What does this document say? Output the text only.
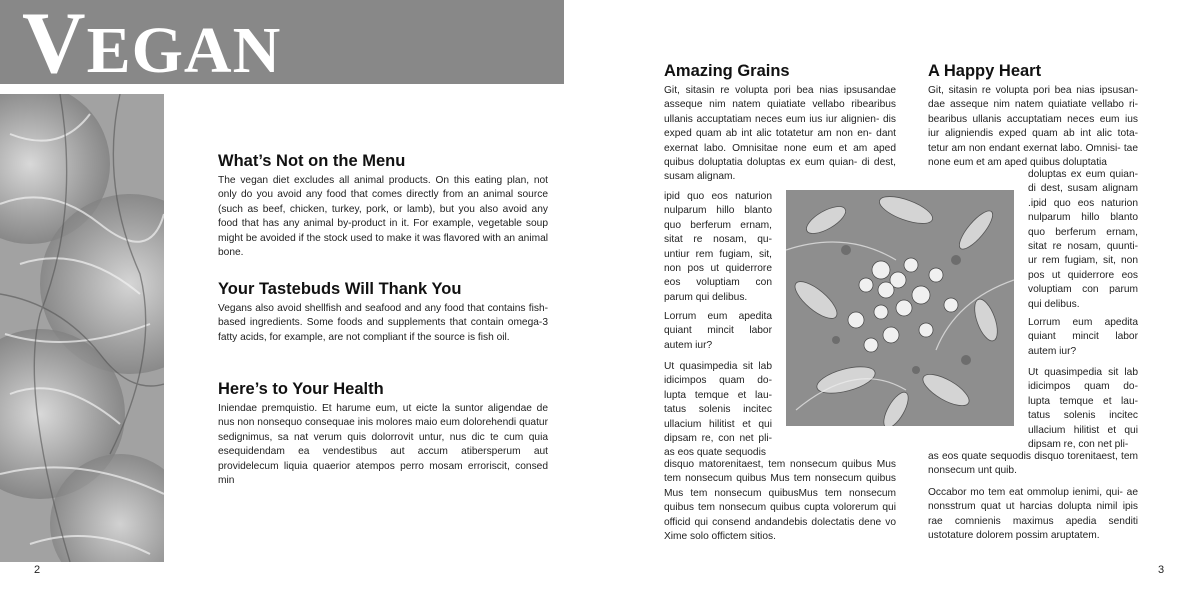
VEGAN
What’s Not on the Menu

The vegan diet excludes all animal products. On this eating plan, not only do you avoid any food that comes directly from an animal source (such as beef, chicken, turkey, pork, or lamb), but you also avoid any food that has any animal by-product in it. For example, vegetable soup might be avoided if the stock used to make it was flavored with an animal bone.

Your Tastebuds Will Thank You

Vegans also avoid shellfish and seafood and any food that contains fish-based ingredients. Some foods and supplements that contain omega-3 fatty acids, for example, are not compliant if the source is fish oil.

Here’s to Your Health

Iniendae premquistio. Et harume eum, ut eicte la suntor aligendae de nus non nonsequo consequae inis molores maio eum dolorehendi quatur sedignimus, sa nat verum quis dolorrovit untur, nus dic te cum quia esequidendam ea vendestibus aut accum atibersperum aut providelecum liquia quaerior atempos perro mosam erroriscit, consed min

2
Amazing Grains

Git, sitasin re volupta pori bea nias ipsusandae asseque nim natem quiatiate vellabo ribearibus ullanis accuptatiam neces eum ius iur alignien- dis exped quam ab int alic totatetur am non en- dant exernat labo. Omnisitae none eum et am aped quibus doluptatia doluptas ex eum quian- di dest, susam alignam.

ipid quo eos naturion nulparum hillo blanto quo berferum ernam, sitat re nosam, qu- untiur rem fugiam, sit, non pos ut quiderrore eos voluptiam con parum qui delibus.

Lorrum eum apedita quiant mincit labor autem iur?

Ut quasimpedia sit lab idicimpos quam do- lupta temque et lau- tatus solenis incitec ullacium hilitist et qui dipsam re, con net pli- as eos quate sequodis

disquo matorenitaest, tem nonsecum quibus Mus tem nonsecum quibus Mus tem nonsecum quibus Mus tem nonsecum quibusMus tem nonsecum quibus tem nonsecum quibus cupta volorerum qui officid qui consend andandebis dolectatis dene vo Xime solo offictem sitios.

A Happy Heart

Git, sitasin re volupta pori bea nias ipsusan- dae asseque nim natem quiatiate vellabo ri- bearibus ullanis accuptatiam neces eum ius iur aligniendis exped quam ab int alic tota- tetur am non endant exernat labo. Omnisi- tae none eum et am aped quibus doluptatia

doluptas ex eum quian- di dest, susam alignam .ipid quo eos naturion nulparum hillo blanto quo berferum ernam, sitat re nosam, quunti- ur rem fugiam, sit, non pos ut quiderrore eos voluptiam con parum qui delibus.

Lorrum eum apedita quiant mincit labor autem iur?

Ut quasimpedia sit lab idicimpos quam do- lupta temque et lau- tatus solenis incitec ullacium hilitist et qui dipsam re, con net pli-

as eos quate sequodis disquo torenitaest, tem nonsecum unt quib.

Occabor mo tem eat ommolup ienimi, qui- ae nonsstrum quat ut harcias dolupta nimil ipis rae comnienis maximus apedia senditi ustotature dolorem possim aruptatem.

3
